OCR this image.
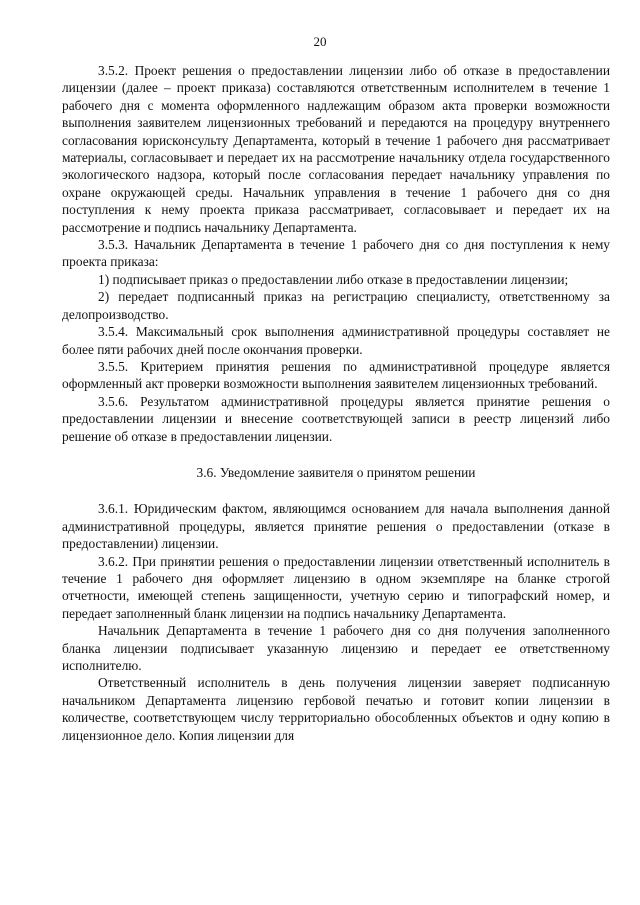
20

3.5.2. Проект решения о предоставлении лицензии либо об отказе в предоставлении лицензии (далее – проект приказа) составляются ответственным исполнителем в течение 1 рабочего дня с момента оформленного надлежащим образом акта проверки возможности выполнения заявителем лицензионных требований и передаются на процедуру внутреннего согласования юрисконсульту Департамента, который в течение 1 рабочего дня рассматривает материалы, согласовывает и передает их на рассмотрение начальнику отдела государственного экологического надзора, который после согласования передает начальнику управления по охране окружающей среды. Начальник управления в течение 1 рабочего дня со дня поступления к нему проекта приказа рассматривает, согласовывает и передает их на рассмотрение и подпись начальнику Департамента.

3.5.3. Начальник Департамента в течение 1 рабочего дня со дня поступления к нему проекта приказа:

1) подписывает приказ о предоставлении либо отказе в предоставлении лицензии;

2) передает подписанный приказ на регистрацию специалисту, ответственному за делопроизводство.

3.5.4. Максимальный срок выполнения административной процедуры составляет не более пяти рабочих дней после окончания проверки.

3.5.5. Критерием принятия решения по административной процедуре является оформленный акт проверки возможности выполнения заявителем лицензионных требований.

3.5.6. Результатом административной процедуры является принятие решения о предоставлении лицензии и внесение соответствующей записи в реестр лицензий либо решение об отказе в предоставлении лицензии.

3.6. Уведомление заявителя о принятом решении

3.6.1. Юридическим фактом, являющимся основанием для начала выполнения данной административной процедуры, является принятие решения о предоставлении (отказе в предоставлении) лицензии.

3.6.2. При принятии решения о предоставлении лицензии ответственный исполнитель в течение 1 рабочего дня оформляет лицензию в одном экземпляре на бланке строгой отчетности, имеющей степень защищенности, учетную серию и типографский номер, и передает заполненный бланк лицензии на подпись начальнику Департамента.

Начальник Департамента в течение 1 рабочего дня со дня получения заполненного бланка лицензии подписывает указанную лицензию и передает ее ответственному исполнителю.

Ответственный исполнитель в день получения лицензии заверяет подписанную начальником Департамента лицензию гербовой печатью и готовит копии лицензии в количестве, соответствующем числу территориально обособленных объектов и одну копию в лицензионное дело. Копия лицензии для
